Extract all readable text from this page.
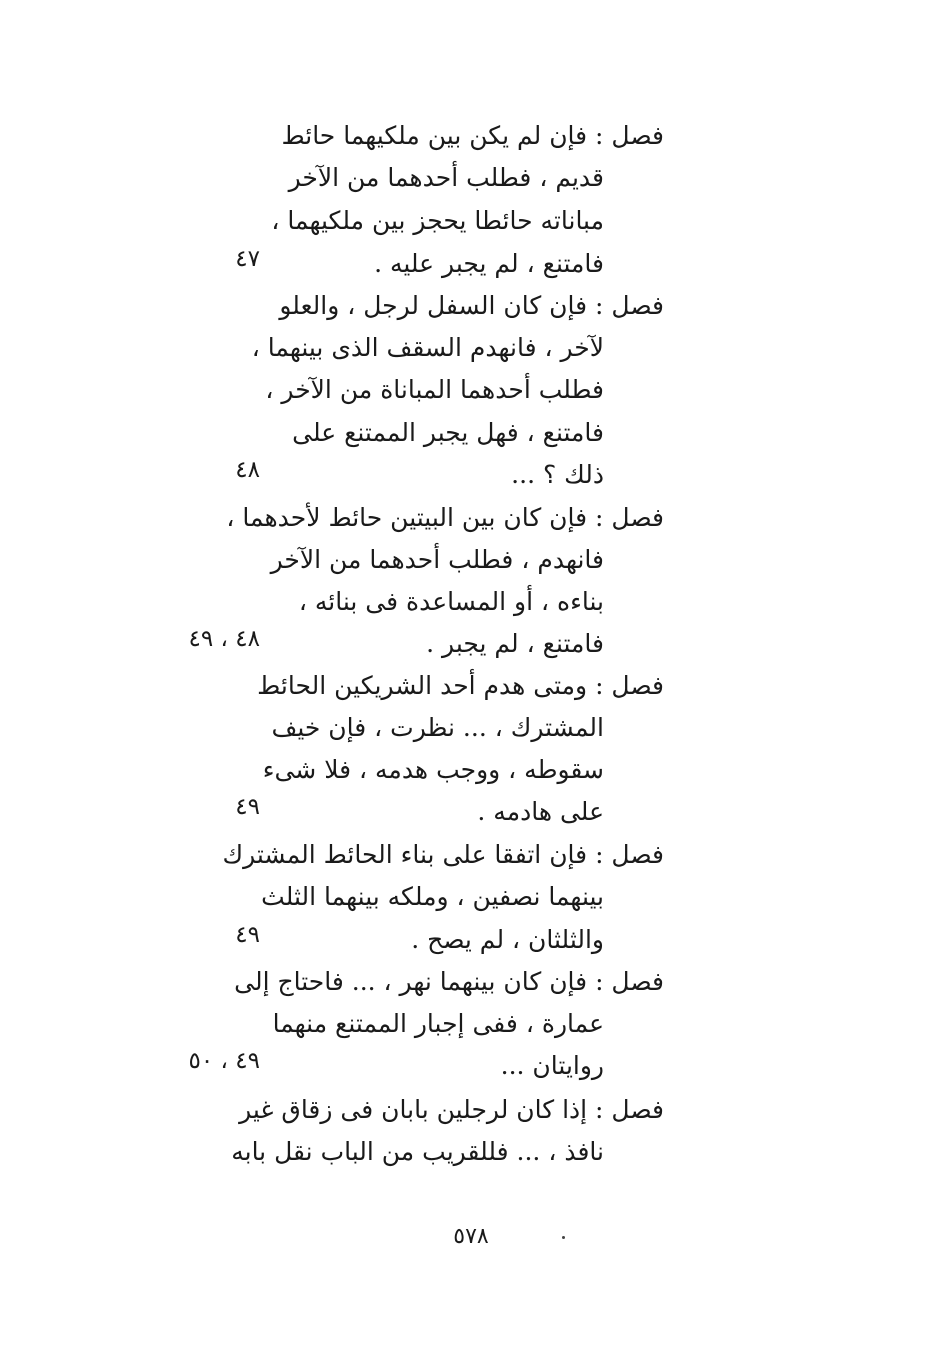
فصل : فإن لم يكن بين ملكيهما حائط
قديم ، فطلب أحدهما من الآخر
مباناته حائطا يحجز بين ملكيهما ،
فامتنع ، لم يجبر عليه .
٤٧
فصل : فإن كان السفل لرجل ، والعلو
لآخر ، فانهدم السقف الذى بينهما ،
فطلب أحدهما المباناة من الآخر ،
فامتنع ، فهل يجبر الممتنع على
ذلك ؟ ...
٤٨
فصل : فإن كان بين البيتين حائط لأحدهما ،
فانهدم ، فطلب أحدهما من الآخر
بناءه ، أو المساعدة فى بنائه ،
فامتنع ، لم يجبر .
٤٨ ، ٤٩
فصل : ومتى هدم أحد الشريكين الحائط
المشترك ، ... نظرت ، فإن خيف
سقوطه ، ووجب هدمه ، فلا شىء
على هادمه .
٤٩
فصل : فإن اتفقا على بناء الحائط المشترك
بينهما نصفين ، وملكه بينهما الثلث
والثلثان ، لم يصح .
٤٩
فصل : فإن كان بينهما نهر ، ... فاحتاج إلى
عمارة ، ففى إجبار الممتنع منهما
روايتان ...
٤٩ ، ٥٠
فصل : إذا كان لرجلين بابان فى زقاق غير
نافذ ، ... فللقريب من الباب نقل بابه
٥٧٨
